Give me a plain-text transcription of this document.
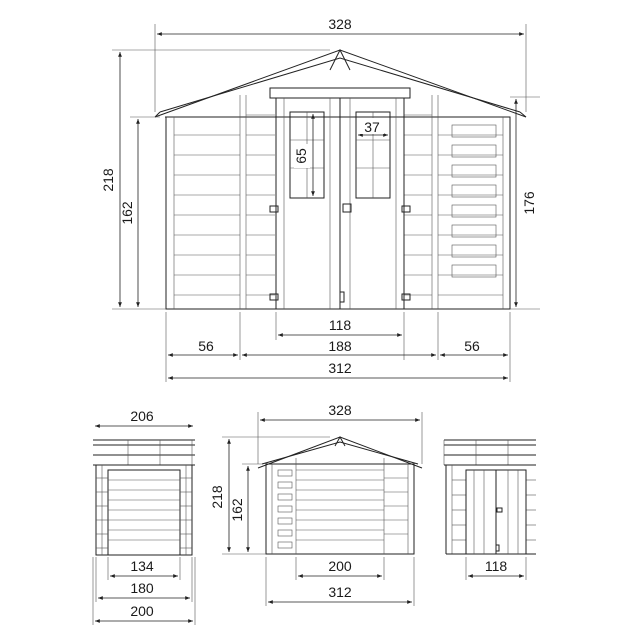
328
218
162	176
37
65
118
56	188	56
312
206
134
180
200
328
218
162
200
312
118
